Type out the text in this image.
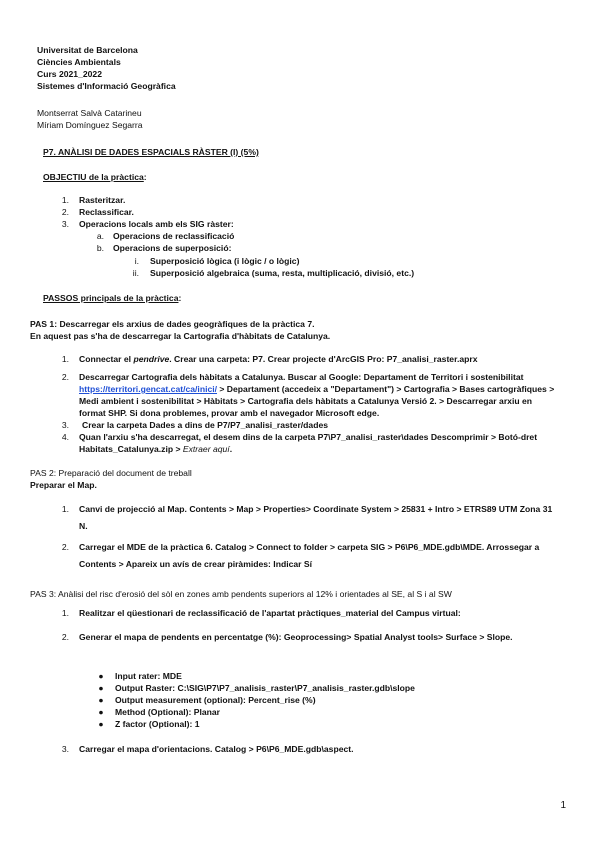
Universitat de Barcelona
Ciències Ambientals
Curs 2021_2022
Sistemes d'Informació Geogràfica
Montserrat Salvà Catarineu
Míriam Domínguez Segarra
P7. ANÀLISI DE DADES ESPACIALS RÀSTER (I) (5%)
OBJECTIU de la pràctica:
1. Rasteritzar.
2. Reclassificar.
3. Operacions locals amb els SIG ràster:
a. Operacions de reclassificació
b. Operacions de superposició:
i. Superposició lògica (i lògic / o lògic)
ii. Superposició algebraica (suma, resta, multiplicació, divisió, etc.)
PASSOS principals de la pràctica:
PAS 1: Descarregar els arxius de dades geogràfiques de la pràctica 7.
En aquest pas s'ha de descarregar la Cartografia d'hàbitats de Catalunya.
1. Connectar el pendrive. Crear una carpeta: P7. Crear projecte d'ArcGIS Pro: P7_analisi_raster.aprx
2. Descarregar Cartografia dels hàbitats a Catalunya. Buscar al Google: Departament de Territori i sostenibilitat
https://territori.gencat.cat/ca/inici/ > Departament (accedeix a "Departament") > Cartografia > Bases cartogràfiques >
Medi ambient i sostenibilitat > Hàbitats > Cartografia dels hàbitats a Catalunya Versió 2. > Descarregar arxiu en
format SHP. Si dona problemes, provar amb el navegador Microsoft edge.
3. Crear la carpeta Dades a dins de P7/P7_analisi_raster/dades
4. Quan l'arxiu s'ha descarregat, el desem dins de la carpeta P7\P7_analisi_raster\dades Descomprimir > Botó-dret
Habitats_Catalunya.zip > Extraer aquí.
PAS 2: Preparació del document de treball
Preparar el Map.
1. Canvi de projecció al Map. Contents > Map > Properties> Coordinate System > 25831 + Intro > ETRS89 UTM Zona 31
N.
2. Carregar el MDE de la pràctica 6. Catalog > Connect to folder > carpeta SIG > P6\P6_MDE.gdb\MDE. Arrossegar a
Contents > Apareix un avís de crear piràmides: Indicar Sí
PAS 3: Anàlisi del risc d'erosió del sòl en zones amb pendents superiors al 12% i orientades al SE, al S i al SW
1. Realitzar el qüestionari de reclassificació de l'apartat pràctiques_material del Campus virtual:
2. Generar el mapa de pendents en percentatge (%): Geoprocessing> Spatial Analyst tools> Surface > Slope.
● Input rater: MDE
● Output Raster: C:\SIG\P7\P7_analisis_raster\P7_analisis_raster.gdb\slope
● Output measurement (optional): Percent_rise (%)
● Method (Optional): Planar
● Z factor (Optional): 1
3. Carregar el mapa d'orientacions. Catalog > P6\P6_MDE.gdb\aspect.
1
